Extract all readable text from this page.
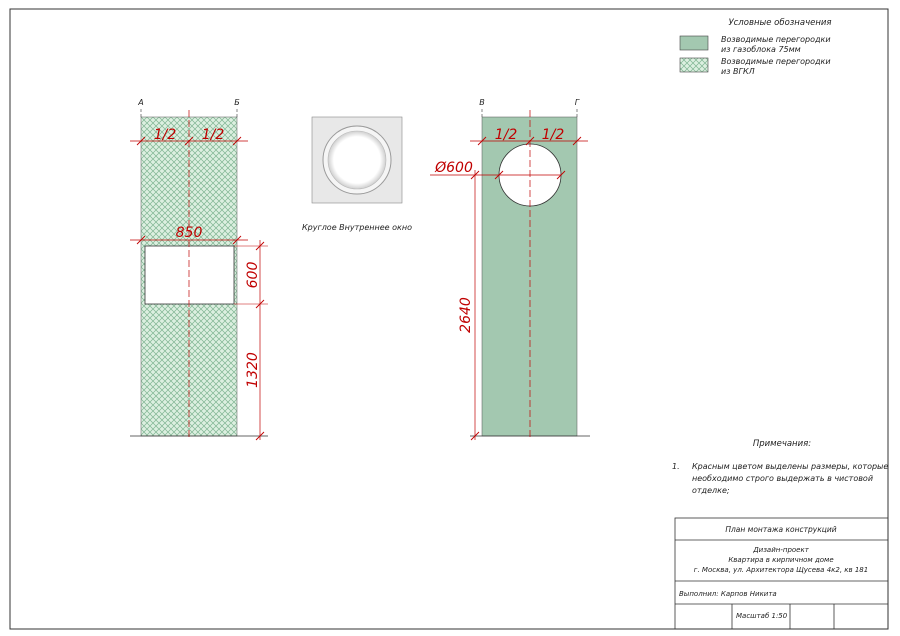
Условные обозначения
Возводимые перегородки
из газоблока 75мм
Возводимые перегородки
из ВГКЛ
А	Б
1/2 1/2
850
600
1320
Круглое Внутреннее окно
В	Г
1/2 1/2
Ø600
2640
Примечания:
1. Красным цветом выделены размеры, которые
необходимо строго выдержать в чистовой
отделке;
План монтажа конструкций
Дизайн-проект
Квартира в кирпичном доме
г. Москва, ул. Архитектора Щусева 4к2, кв 181
Выполнил: Карпов Никита
Масштаб 1:50
